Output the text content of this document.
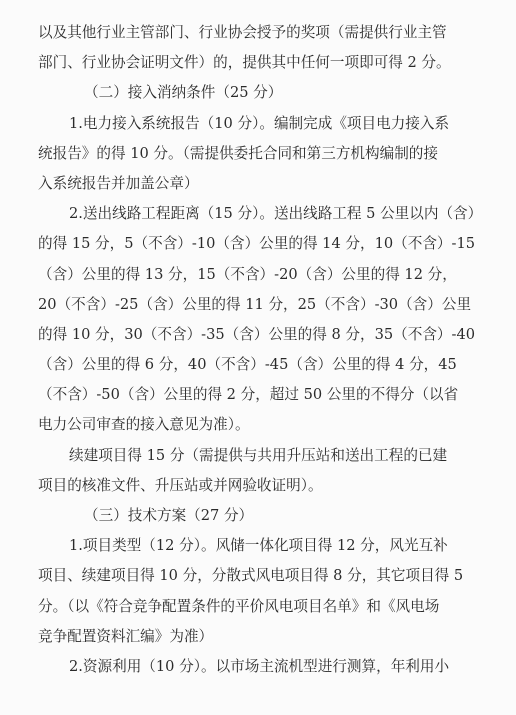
以及其他行业主管部门、行业协会授予的奖项（需提供行业主管
部门、行业协会证明文件）的，提供其中任何一项即可得 2 分。
（二）接入消纳条件（25 分）
1.电力接入系统报告（10 分）。编制完成《项目电力接入系
统报告》的得 10 分。（需提供委托合同和第三方机构编制的接
入系统报告并加盖公章）
2.送出线路工程距离（15 分）。送出线路工程 5 公里以内（含）
的得 15 分，5（不含）-10（含）公里的得 14 分，10（不含）-15
（含）公里的得 13 分，15（不含）-20（含）公里的得 12 分，
20（不含）-25（含）公里的得 11 分，25（不含）-30（含）公里
的得 10 分，30（不含）-35（含）公里的得 8 分，35（不含）-40
（含）公里的得 6 分，40（不含）-45（含）公里的得 4 分，45
（不含）-50（含）公里的得 2 分，超过 50 公里的不得分（以省
电力公司审查的接入意见为准）。
续建项目得 15 分（需提供与共用升压站和送出工程的已建
项目的核准文件、升压站或并网验收证明）。
（三）技术方案（27 分）
1.项目类型（12 分）。风储一体化项目得 12 分，风光互补
项目、续建项目得 10 分，分散式风电项目得 8 分，其它项目得 5
分。（以《符合竞争配置条件的平价风电项目名单》和《风电场
竞争配置资料汇编》为准）
2.资源利用（10 分）。以市场主流机型进行测算，年利用小
